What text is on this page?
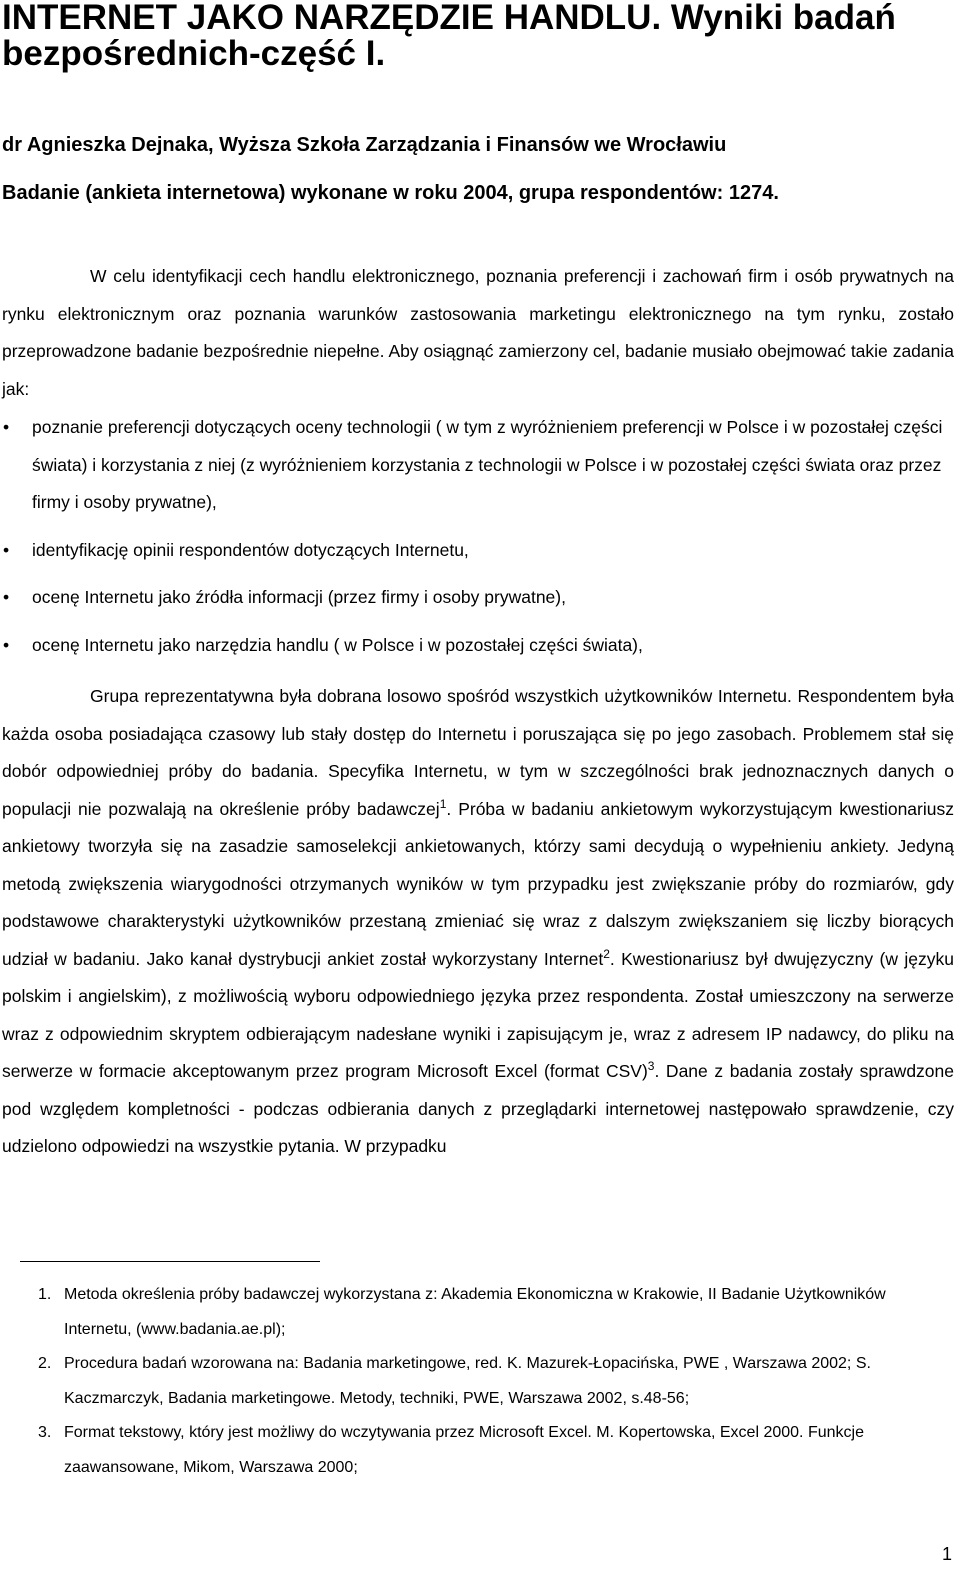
INTERNET JAKO NARZĘDZIE HANDLU. Wyniki badań bezpośrednich-część I.

dr Agnieszka Dejnaka, Wyższa Szkoła Zarządzania i Finansów we Wrocławiu

Badanie (ankieta internetowa) wykonane w roku 2004, grupa respondentów: 1274.

W celu identyfikacji cech handlu elektronicznego, poznania preferencji i zachowań firm i osób prywatnych na rynku elektronicznym oraz poznania warunków zastosowania marketingu elektronicznego na tym rynku, zostało przeprowadzone badanie bezpośrednie niepełne. Aby osiągnąć zamierzony cel, badanie musiało obejmować takie zadania jak:

• poznanie preferencji dotyczących oceny technologii ( w tym z wyróżnieniem preferencji w Polsce i w pozostałej części świata) i korzystania z niej (z wyróżnieniem korzystania z technologii w Polsce i w pozostałej części świata oraz przez firmy i osoby prywatne),
• identyfikację opinii respondentów dotyczących Internetu,
• ocenę Internetu jako źródła informacji (przez firmy i osoby prywatne),
• ocenę Internetu jako narzędzia handlu ( w Polsce i w pozostałej części świata),

Grupa reprezentatywna była dobrana losowo spośród wszystkich użytkowników Internetu. Respondentem była każda osoba posiadająca czasowy lub stały dostęp do Internetu i poruszająca się po jego zasobach. Problemem stał się dobór odpowiedniej próby do badania. Specyfika Internetu, w tym w szczególności brak jednoznacznych danych o populacji nie pozwalają na określenie próby badawczej$^1$. Próba w badaniu ankietowym wykorzystującym kwestionariusz ankietowy tworzyła się na zasadzie samoselekcji ankietowanych, którzy sami decydują o wypełnieniu ankiety. Jedyną metodą zwiększenia wiarygodności otrzymanych wyników w tym przypadku jest zwiększanie próby do rozmiarów, gdy podstawowe charakterystyki użytkowników przestaną zmieniać się wraz z dalszym zwiększaniem się liczby biorących udział w badaniu. Jako kanał dystrybucji ankiet został wykorzystany Internet$^2$. Kwestionariusz był dwujęzyczny (w języku polskim i angielskim), z możliwością wyboru odpowiedniego języka przez respondenta. Został umieszczony na serwerze wraz z odpowiednim skryptem odbierającym nadesłane wyniki i zapisującym je, wraz z adresem IP nadawcy, do pliku na serwerze w formacie akceptowanym przez program Microsoft Excel (format CSV)$^3$. Dane z badania zostały sprawdzone pod względem kompletności - podczas odbierania danych z przeglądarki internetowej następowało sprawdzenie, czy udzielono odpowiedzi na wszystkie pytania. W przypadku

1. Metoda określenia próby badawczej wykorzystana z: Akademia Ekonomiczna w Krakowie, II Badanie Użytkowników Internetu, (www.badania.ae.pl);
2. Procedura badań wzorowana na: Badania marketingowe, red. K. Mazurek-Łopacińska, PWE , Warszawa 2002; S. Kaczmarczyk, Badania marketingowe. Metody, techniki, PWE, Warszawa 2002, s.48-56;
3. Format tekstowy, który jest możliwy do wczytywania przez Microsoft Excel. M. Kopertowska, Excel 2000. Funkcje zaawansowane, Mikom, Warszawa 2000;
1
